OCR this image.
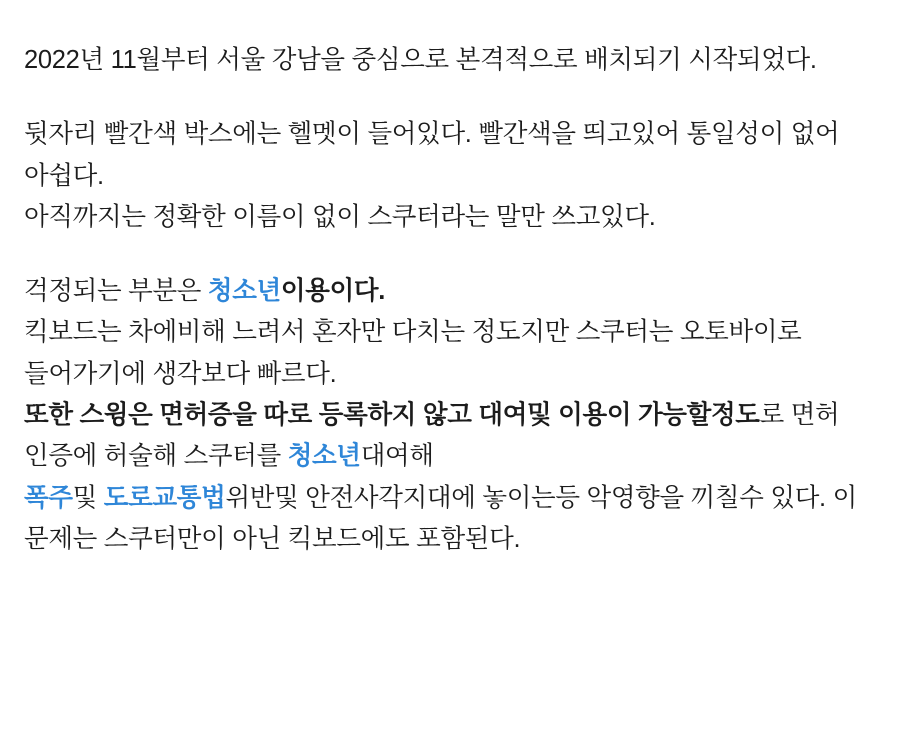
2022년 11월부터 서울 강남을 중심으로 본격적으로 배치되기 시작되었다.

뒷자리 빨간색 박스에는 헬멧이 들어있다. 빨간색을 띄고있어 통일성이 없어 아쉽다.

아직까지는 정확한 이름이 없이 스쿠터라는 말만 쓰고있다.

걱정되는 부분은 청소년이용이다.

킥보드는 차에비해 느려서 혼자만 다치는 정도지만 스쿠터는 오토바이로 들어가기에 생각보다 빠르다.

또한 스윙은 면허증을 따로 등록하지 않고 대여및 이용이 가능할정도로 면허 인증에 허술해 스쿠터를 청소년대여해

폭주및 도로교통법위반및 안전사각지대에 놓이는등 악영향을 끼칠수 있다. 이 문제는 스쿠터만이 아닌 킥보드에도 포함된다.
